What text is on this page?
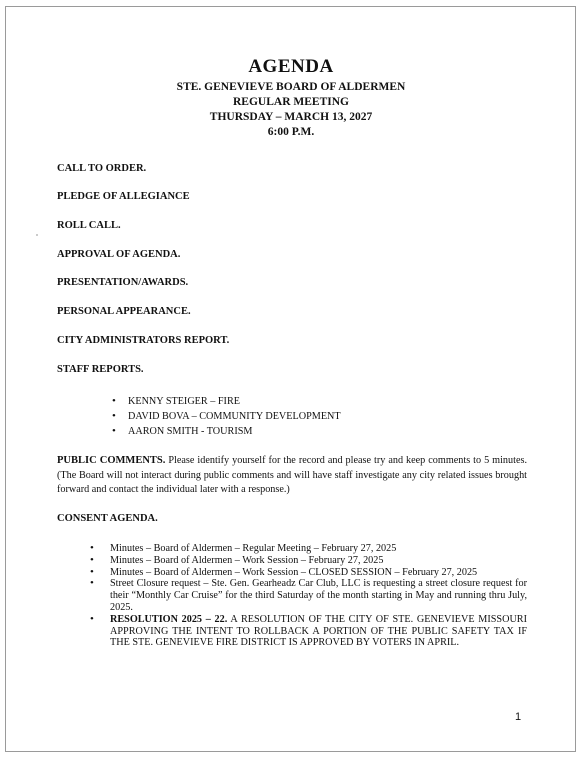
AGENDA
STE. GENEVIEVE BOARD OF ALDERMEN
REGULAR MEETING
THURSDAY – MARCH 13, 2027
6:00 P.M.
CALL TO ORDER.
PLEDGE OF ALLEGIANCE
ROLL CALL.
APPROVAL OF AGENDA.
PRESENTATION/AWARDS.
PERSONAL APPEARANCE.
CITY ADMINISTRATORS REPORT.
STAFF REPORTS.
• KENNY STEIGER – FIRE
• DAVID BOVA – COMMUNITY DEVELOPMENT
• AARON SMITH - TOURISM
PUBLIC COMMENTS. Please identify yourself for the record and please try and keep comments to 5 minutes. (The Board will not interact during public comments and will have staff investigate any city related issues brought forward and contact the individual later with a response.)
CONSENT AGENDA.
• Minutes – Board of Aldermen – Regular Meeting – February 27, 2025
• Minutes – Board of Aldermen – Work Session – February 27, 2025
• Minutes – Board of Aldermen – Work Session – CLOSED SESSION – February 27, 2025
• Street Closure request – Ste. Gen. Gearheadz Car Club, LLC is requesting a street closure request for their “Monthly Car Cruise” for the third Saturday of the month starting in May and running thru July, 2025.
• RESOLUTION 2025 – 22. A RESOLUTION OF THE CITY OF STE. GENEVIEVE MISSOURI APPROVING THE INTENT TO ROLLBACK A PORTION OF THE PUBLIC SAFETY TAX IF THE STE. GENEVIEVE FIRE DISTRICT IS APPROVED BY VOTERS IN APRIL.
1
